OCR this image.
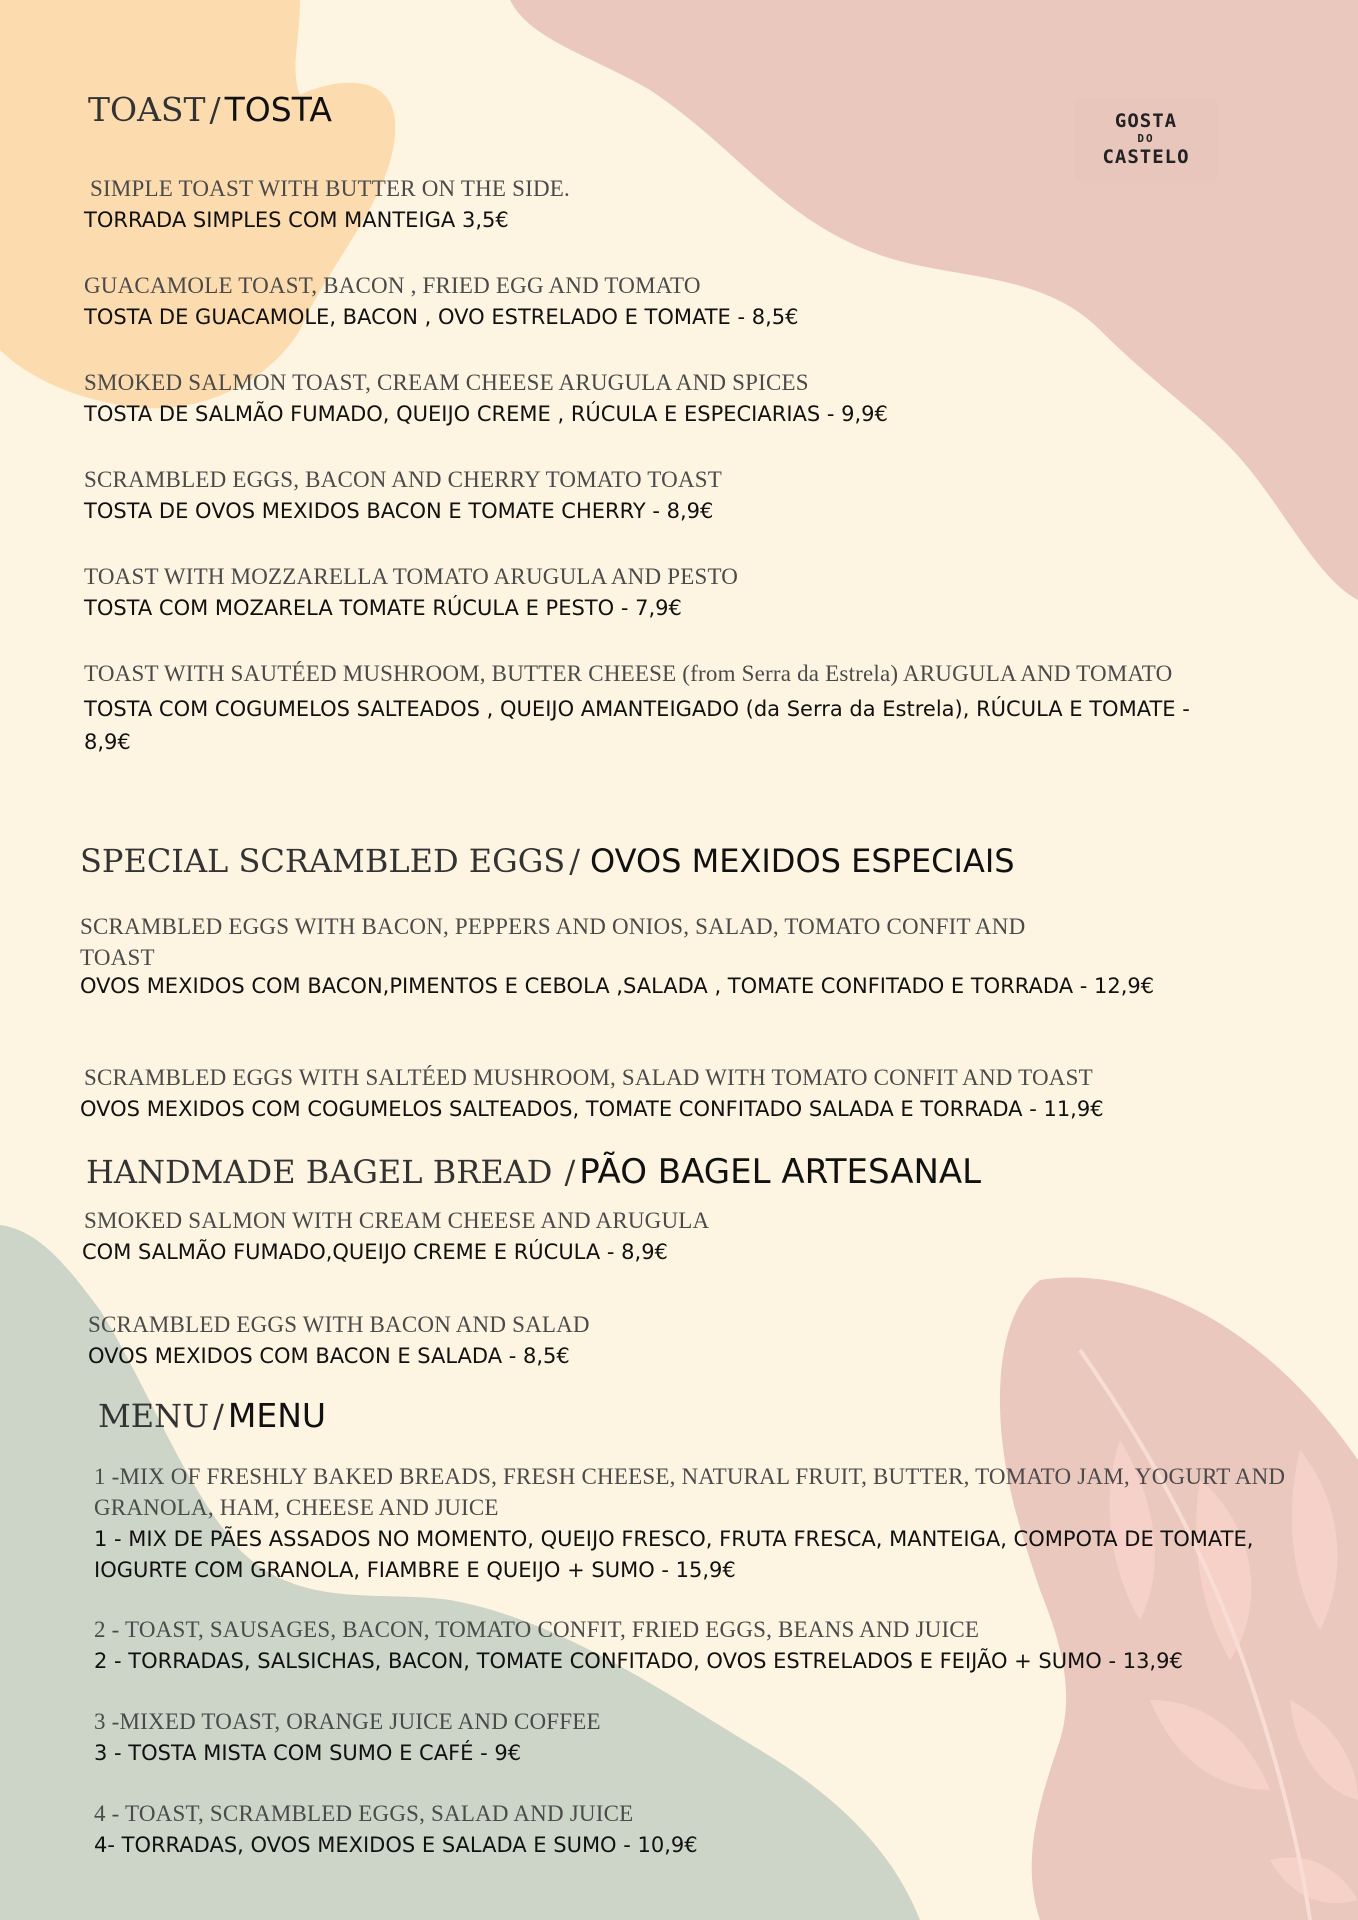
GOSTA
DO
CASTELO
TOAST / TOSTA
SIMPLE TOAST WITH BUTTER ON THE SIDE.
TORRADA SIMPLES COM MANTEIGA 3,5€
GUACAMOLE TOAST, BACON , FRIED EGG AND TOMATO
TOSTA DE GUACAMOLE, BACON , OVO ESTRELADO E TOMATE - 8,5€
SMOKED SALMON TOAST, CREAM CHEESE ARUGULA AND SPICES
TOSTA DE SALMÃO FUMADO, QUEIJO CREME , RÚCULA E ESPECIARIAS - 9,9€
SCRAMBLED EGGS, BACON AND CHERRY TOMATO TOAST
TOSTA DE OVOS MEXIDOS BACON E TOMATE CHERRY - 8,9€
TOAST WITH MOZZARELLA TOMATO ARUGULA AND PESTO
TOSTA COM MOZARELA TOMATE RÚCULA E PESTO - 7,9€
TOAST WITH SAUTÉED MUSHROOM, BUTTER CHEESE (from Serra da Estrela) ARUGULA AND TOMATO
TOSTA COM COGUMELOS SALTEADOS , QUEIJO AMANTEIGADO (da Serra da Estrela), RÚCULA E TOMATE - 8,9€
SPECIAL SCRAMBLED EGGS / OVOS MEXIDOS ESPECIAIS
SCRAMBLED EGGS WITH BACON, PEPPERS AND ONIOS, SALAD, TOMATO CONFIT AND TOAST
OVOS MEXIDOS COM BACON,PIMENTOS E CEBOLA ,SALADA , TOMATE CONFITADO E TORRADA - 12,9€
SCRAMBLED EGGS WITH SALTÉED MUSHROOM, SALAD WITH TOMATO CONFIT AND TOAST
OVOS MEXIDOS COM COGUMELOS SALTEADOS, TOMATE CONFITADO SALADA E TORRADA - 11,9€
HANDMADE BAGEL BREAD / PÃO BAGEL ARTESANAL
SMOKED SALMON WITH CREAM CHEESE AND ARUGULA
COM SALMÃO FUMADO,QUEIJO CREME E RÚCULA - 8,9€
SCRAMBLED EGGS WITH BACON AND SALAD
OVOS MEXIDOS COM BACON E SALADA - 8,5€
MENU / MENU
1 -MIX OF FRESHLY BAKED BREADS, FRESH CHEESE, NATURAL FRUIT, BUTTER, TOMATO JAM, YOGURT AND GRANOLA, HAM, CHEESE AND JUICE
1 - MIX DE PÃES ASSADOS NO MOMENTO, QUEIJO FRESCO, FRUTA FRESCA, MANTEIGA, COMPOTA DE TOMATE, IOGURTE COM GRANOLA, FIAMBRE E QUEIJO + SUMO - 15,9€
2 - TOAST, SAUSAGES, BACON, TOMATO CONFIT, FRIED EGGS, BEANS AND JUICE
2 - TORRADAS, SALSICHAS, BACON, TOMATE CONFITADO, OVOS ESTRELADOS E FEIJÃO + SUMO - 13,9€
3 -MIXED TOAST, ORANGE JUICE AND COFFEE
3 - TOSTA MISTA COM SUMO E CAFÉ - 9€
4 - TOAST, SCRAMBLED EGGS, SALAD AND JUICE
4- TORRADAS, OVOS MEXIDOS E SALADA E SUMO - 10,9€
